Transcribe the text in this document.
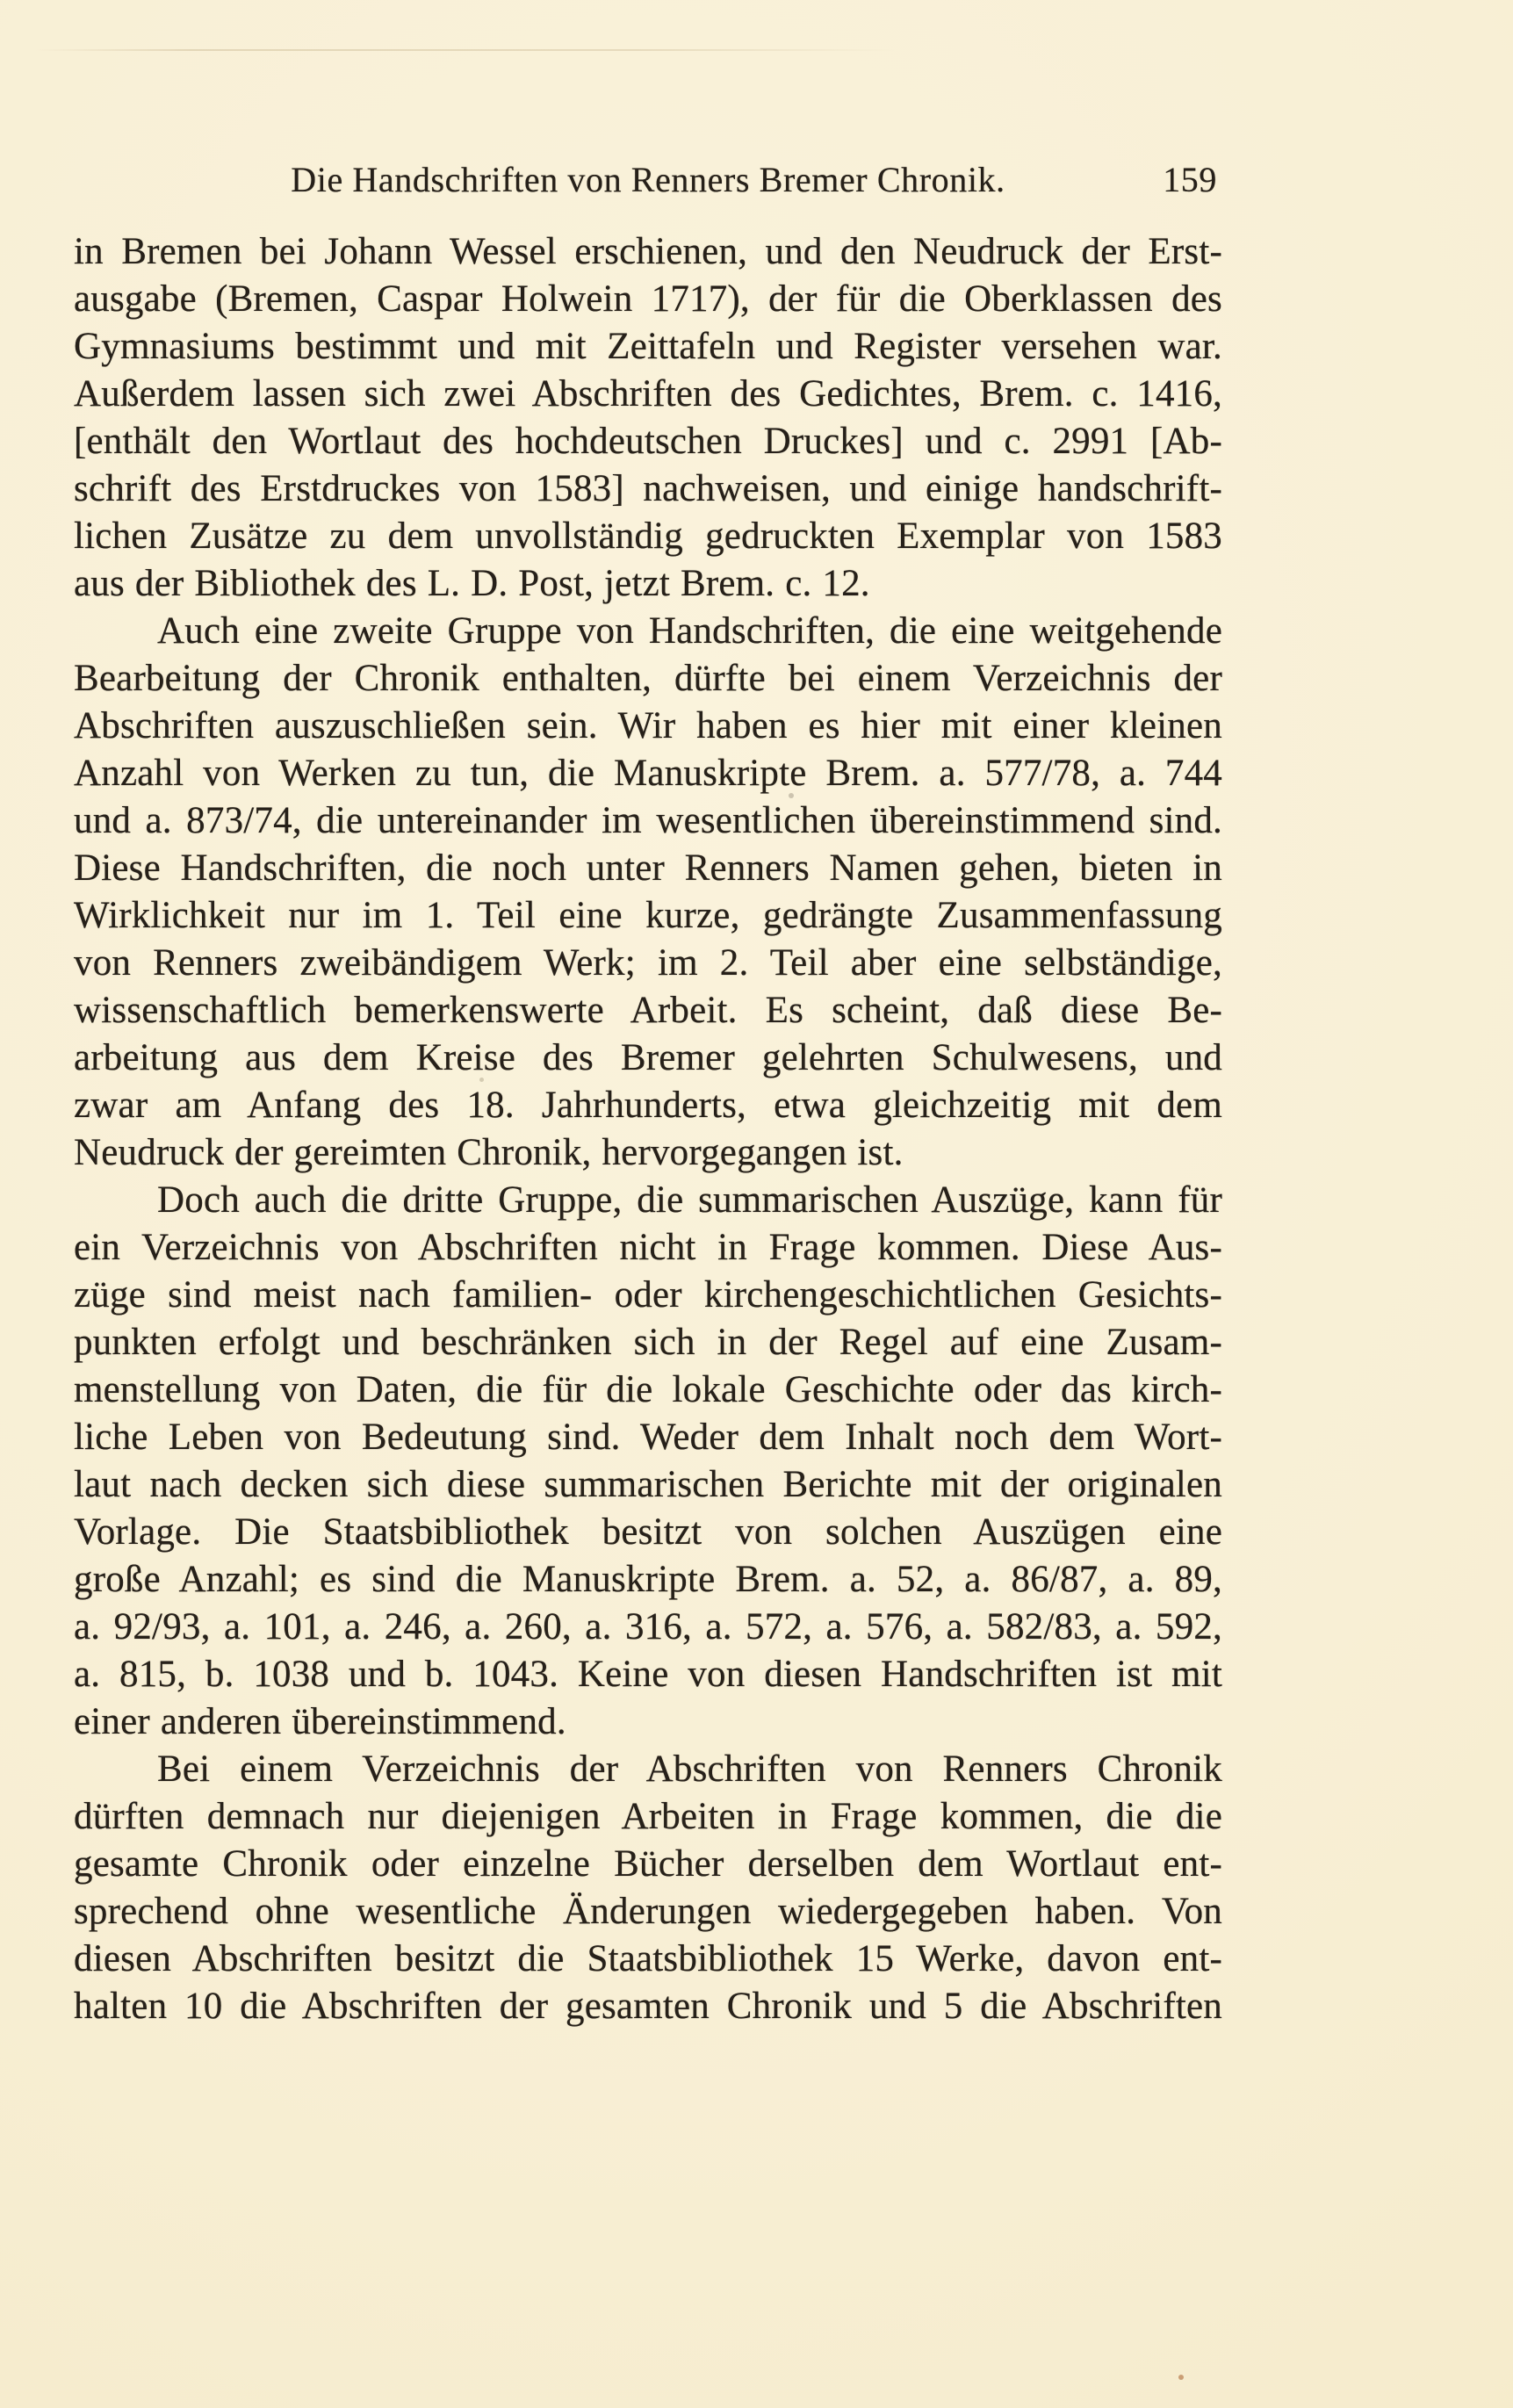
Die Handschriften von Renners Bremer Chronik.	159
in Bremen bei Johann Wessel erschienen, und den Neudruck der Erst-
ausgabe (Bremen, Caspar Holwein 1717), der für die Oberklassen des
Gymnasiums bestimmt und mit Zeittafeln und Register versehen war.
Außerdem lassen sich zwei Abschriften des Gedichtes, Brem. c. 1416,
[enthält den Wortlaut des hochdeutschen Druckes] und c. 2991 [Ab-
schrift des Erstdruckes von 1583] nachweisen, und einige handschrift-
lichen Zusätze zu dem unvollständig gedruckten Exemplar von 1583
aus der Bibliothek des L. D. Post, jetzt Brem. c. 12.
Auch eine zweite Gruppe von Handschriften, die eine weitgehende
Bearbeitung der Chronik enthalten, dürfte bei einem Verzeichnis der
Abschriften auszuschließen sein. Wir haben es hier mit einer kleinen
Anzahl von Werken zu tun, die Manuskripte Brem. a. 577/78, a. 744
und a. 873/74, die untereinander im wesentlichen übereinstimmend sind.
Diese Handschriften, die noch unter Renners Namen gehen, bieten in
Wirklichkeit nur im 1. Teil eine kurze, gedrängte Zusammenfassung
von Renners zweibändigem Werk; im 2. Teil aber eine selbständige,
wissenschaftlich bemerkenswerte Arbeit. Es scheint, daß diese Be-
arbeitung aus dem Kreise des Bremer gelehrten Schulwesens, und
zwar am Anfang des 18. Jahrhunderts, etwa gleichzeitig mit dem
Neudruck der gereimten Chronik, hervorgegangen ist.
Doch auch die dritte Gruppe, die summarischen Auszüge, kann für
ein Verzeichnis von Abschriften nicht in Frage kommen. Diese Aus-
züge sind meist nach familien- oder kirchengeschichtlichen Gesichts-
punkten erfolgt und beschränken sich in der Regel auf eine Zusam-
menstellung von Daten, die für die lokale Geschichte oder das kirch-
liche Leben von Bedeutung sind. Weder dem Inhalt noch dem Wort-
laut nach decken sich diese summarischen Berichte mit der originalen
Vorlage. Die Staatsbibliothek besitzt von solchen Auszügen eine
große Anzahl; es sind die Manuskripte Brem. a. 52, a. 86/87, a. 89,
a. 92/93, a. 101, a. 246, a. 260, a. 316, a. 572, a. 576, a. 582/83, a. 592,
a. 815, b. 1038 und b. 1043. Keine von diesen Handschriften ist mit
einer anderen übereinstimmend.
Bei einem Verzeichnis der Abschriften von Renners Chronik
dürften demnach nur diejenigen Arbeiten in Frage kommen, die die
gesamte Chronik oder einzelne Bücher derselben dem Wortlaut ent-
sprechend ohne wesentliche Änderungen wiedergegeben haben. Von
diesen Abschriften besitzt die Staatsbibliothek 15 Werke, davon ent-
halten 10 die Abschriften der gesamten Chronik und 5 die Abschriften
